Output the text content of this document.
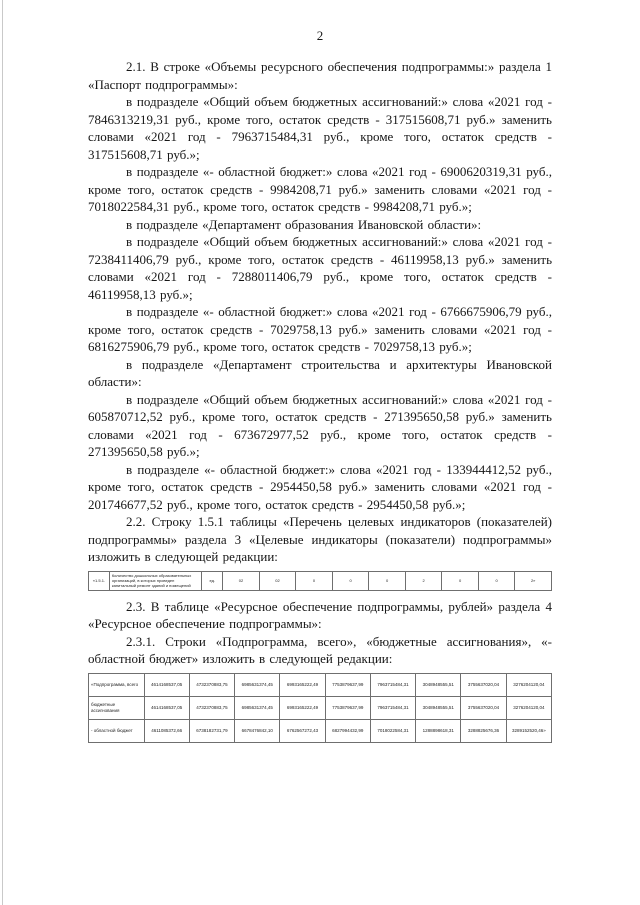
2

2.1. В строке «Объемы ресурсного обеспечения подпрограммы:» раздела 1 «Паспорт подпрограммы»:

в подразделе «Общий объем бюджетных ассигнований:» слова «2021 год - 7846313219,31 руб., кроме того, остаток средств - 317515608,71 руб.» заменить словами «2021 год - 7963715484,31 руб., кроме того, остаток средств - 317515608,71 руб.»;

в подразделе «- областной бюджет:» слова «2021 год - 6900620319,31 руб., кроме того, остаток средств - 9984208,71 руб.» заменить словами «2021 год - 7018022584,31 руб., кроме того, остаток средств - 9984208,71 руб.»;

в подразделе «Департамент образования Ивановской области»:

в подразделе «Общий объем бюджетных ассигнований:» слова «2021 год - 7238411406,79 руб., кроме того, остаток средств - 46119958,13 руб.» заменить словами «2021 год - 7288011406,79 руб., кроме того, остаток средств - 46119958,13 руб.»;

в подразделе «- областной бюджет:» слова «2021 год - 6766675906,79 руб., кроме того, остаток средств - 7029758,13 руб.» заменить словами «2021 год - 6816275906,79 руб., кроме того, остаток средств - 7029758,13 руб.»;

в подразделе «Департамент строительства и архитектуры Ивановской области»:

в подразделе «Общий объем бюджетных ассигнований:» слова «2021 год - 605870712,52 руб., кроме того, остаток средств - 271395650,58 руб.» заменить словами «2021 год - 673672977,52 руб., кроме того, остаток средств - 271395650,58 руб.»;

в подразделе «- областной бюджет:» слова «2021 год - 133944412,52 руб., кроме того, остаток средств - 2954450,58 руб.» заменить словами «2021 год - 201746677,52 руб., кроме того, остаток средств - 2954450,58 руб.»;

2.2. Строку 1.5.1 таблицы «Перечень целевых индикаторов (показателей) подпрограммы» раздела 3 «Целевые индикаторы (показатели) подпрограммы» изложить в следующей редакции:

«1.5.1.	Количество дошкольных образовательных организаций, в которых проведен капитальный ремонт зданий и помещений	ед.	02	02	0	0	0	2	0	0	2»

2.3. В таблице «Ресурсное обеспечение подпрограммы, рублей» раздела 4 «Ресурсное обеспечение подпрограммы»:

2.3.1. Строки «Подпрограмма, всего», «бюджетные ассигнования», «- областной бюджет» изложить в следующей редакции:

«Подпрограмма, всего	4614168537,05	4732370883,75	6985631374,45	6993165222,49	7753879637,99	7963715484,31	3048948555,51	3755637020,04	3276204120,04
бюджетные ассигнования	4614168537,05	4732370883,75	6985631374,45	6993165222,49	7753879637,99	7963715484,31	3048948555,51	3755637020,04	3276204120,04
- областной бюджет	4611085372,66	6738182731,79	6678476842,10	6762567272,43	6827994432,99	7018022584,31	1288898618,31	3288825676,36	3289152520,46»
